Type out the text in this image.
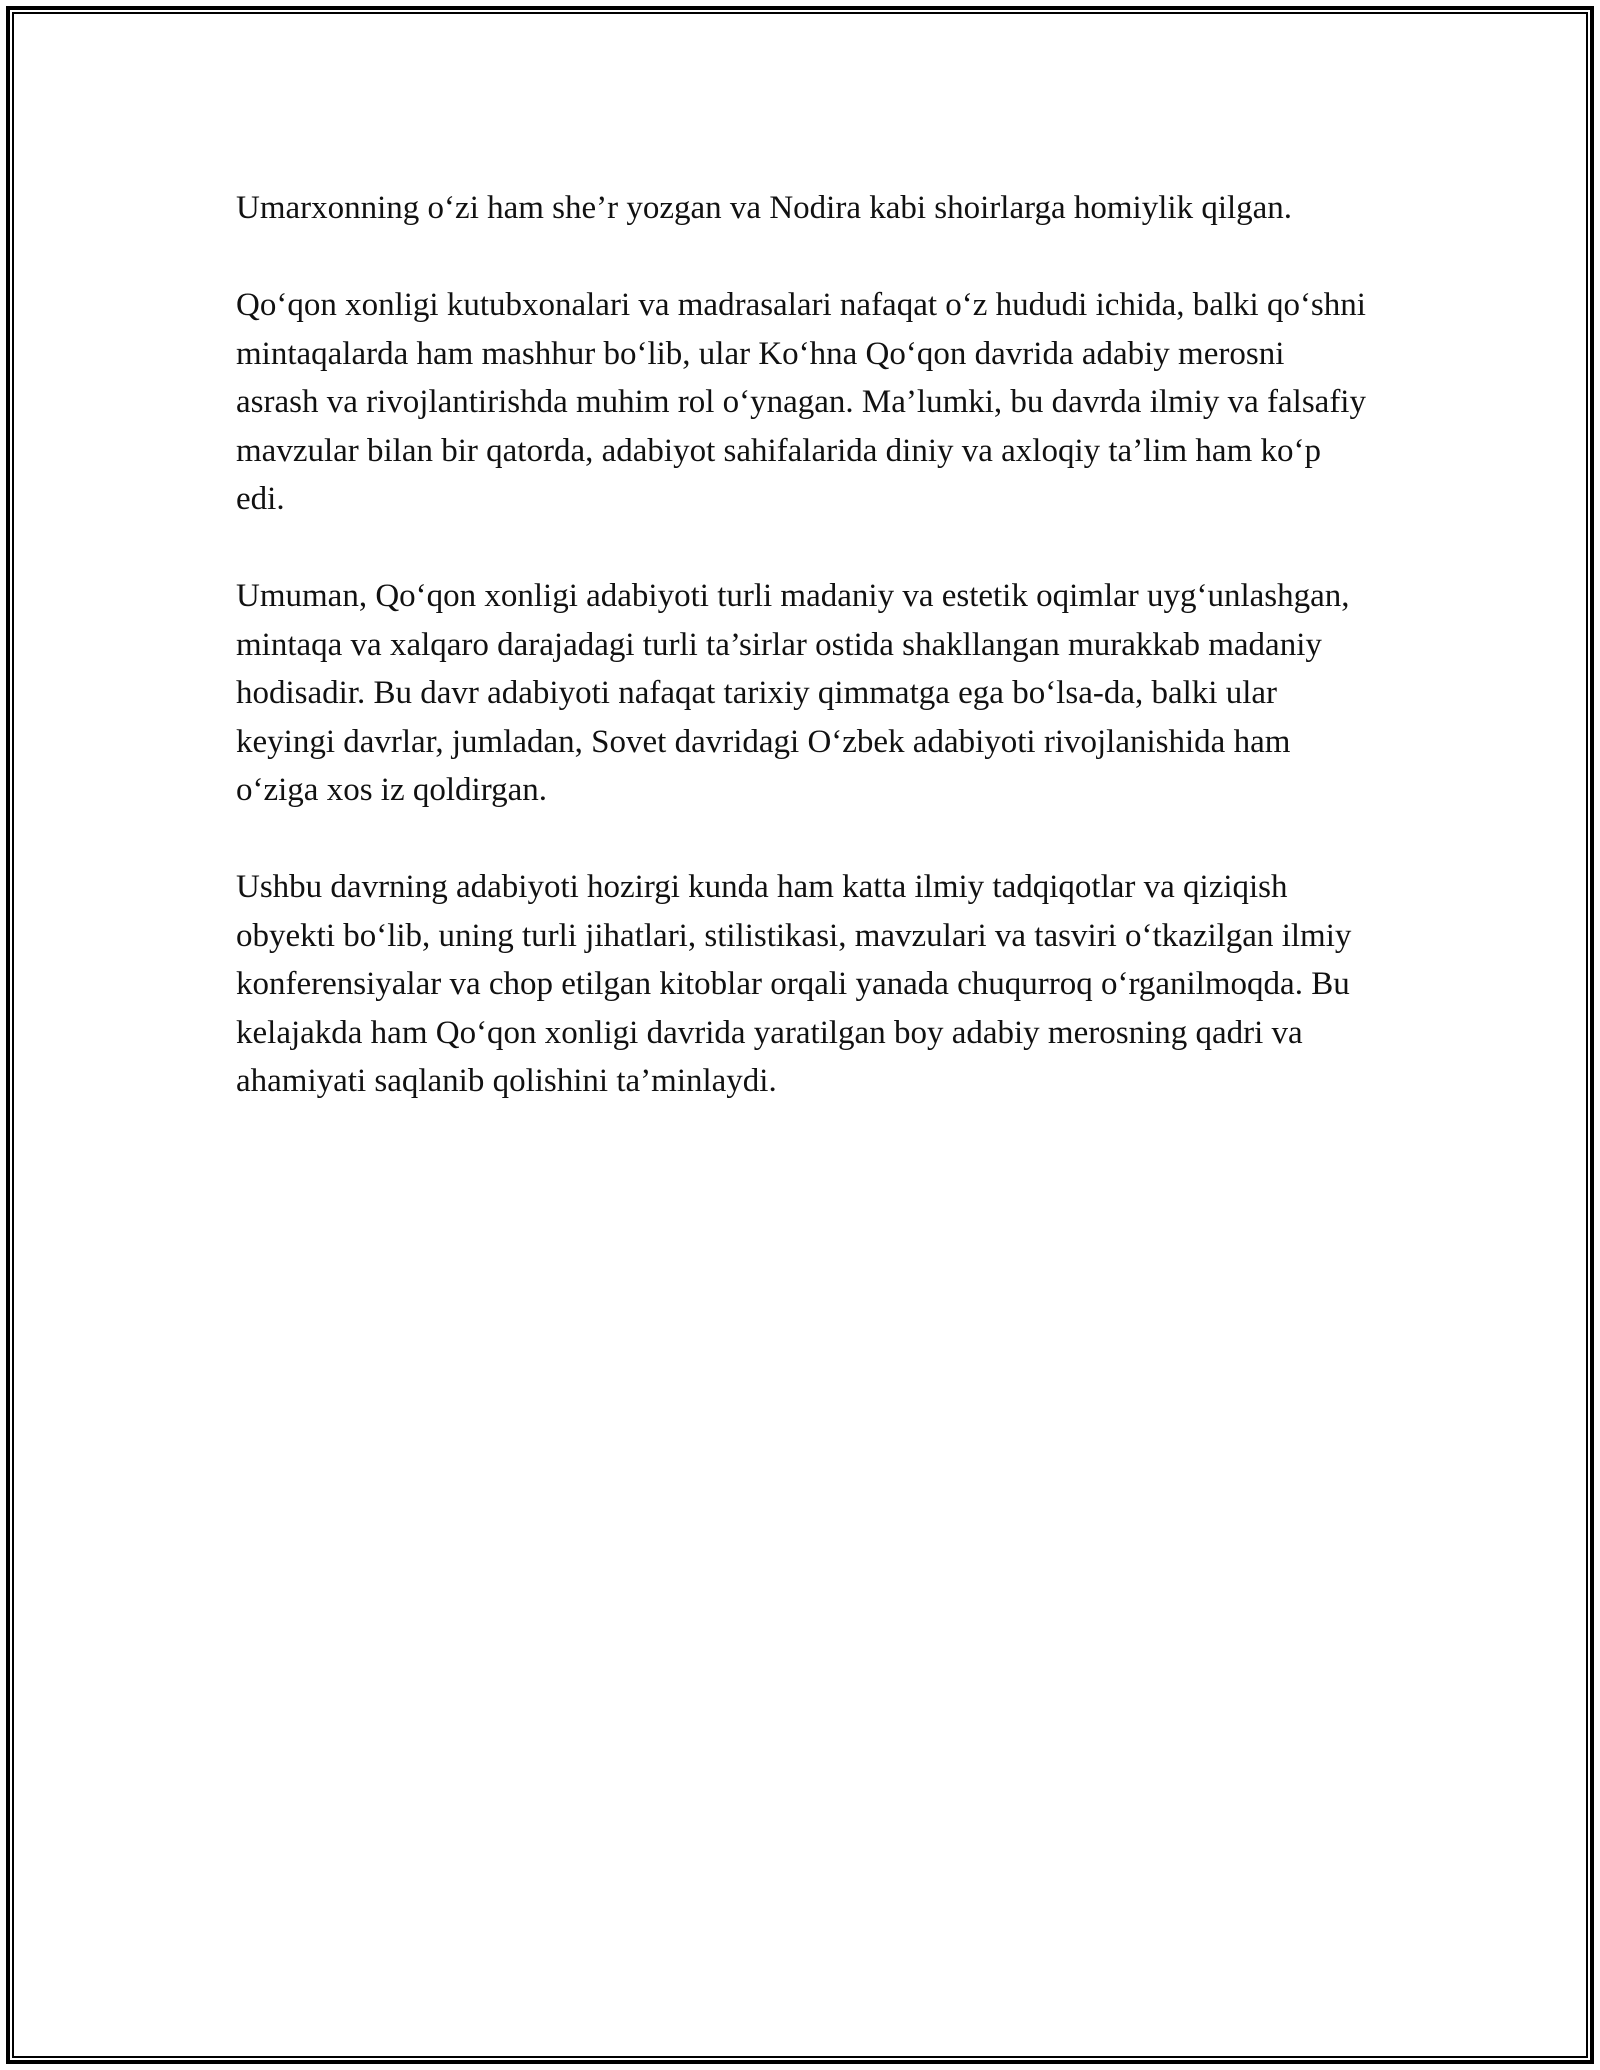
Umarxonning o‘zi ham she’r yozgan va Nodira kabi shoirlarga homiylik qilgan.

Qo‘qon xonligi kutubxonalari va madrasalari nafaqat o‘z hududi ichida, balki qo‘shni mintaqalarda ham mashhur bo‘lib, ular Ko‘hna Qo‘qon davrida adabiy merosni asrash va rivojlantirishda muhim rol o‘ynagan. Ma’lumki, bu davrda ilmiy va falsafiy mavzular bilan bir qatorda, adabiyot sahifalarida diniy va axloqiy ta’lim ham ko‘p edi.

Umuman, Qo‘qon xonligi adabiyoti turli madaniy va estetik oqimlar uyg‘unlashgan, mintaqa va xalqaro darajadagi turli ta’sirlar ostida shakllangan murakkab madaniy hodisadir. Bu davr adabiyoti nafaqat tarixiy qimmatga ega bo‘lsa-da, balki ular keyingi davrlar, jumladan, Sovet davridagi O‘zbek adabiyoti rivojlanishida ham o‘ziga xos iz qoldirgan.

Ushbu davrning adabiyoti hozirgi kunda ham katta ilmiy tadqiqotlar va qiziqish obyekti bo‘lib, uning turli jihatlari, stilistikasi, mavzulari va tasviri o‘tkazilgan ilmiy konferensiyalar va chop etilgan kitoblar orqali yanada chuqurroq o‘rganilmoqda. Bu kelajakda ham Qo‘qon xonligi davrida yaratilgan boy adabiy merosning qadri va ahamiyati saqlanib qolishini ta’minlaydi.
